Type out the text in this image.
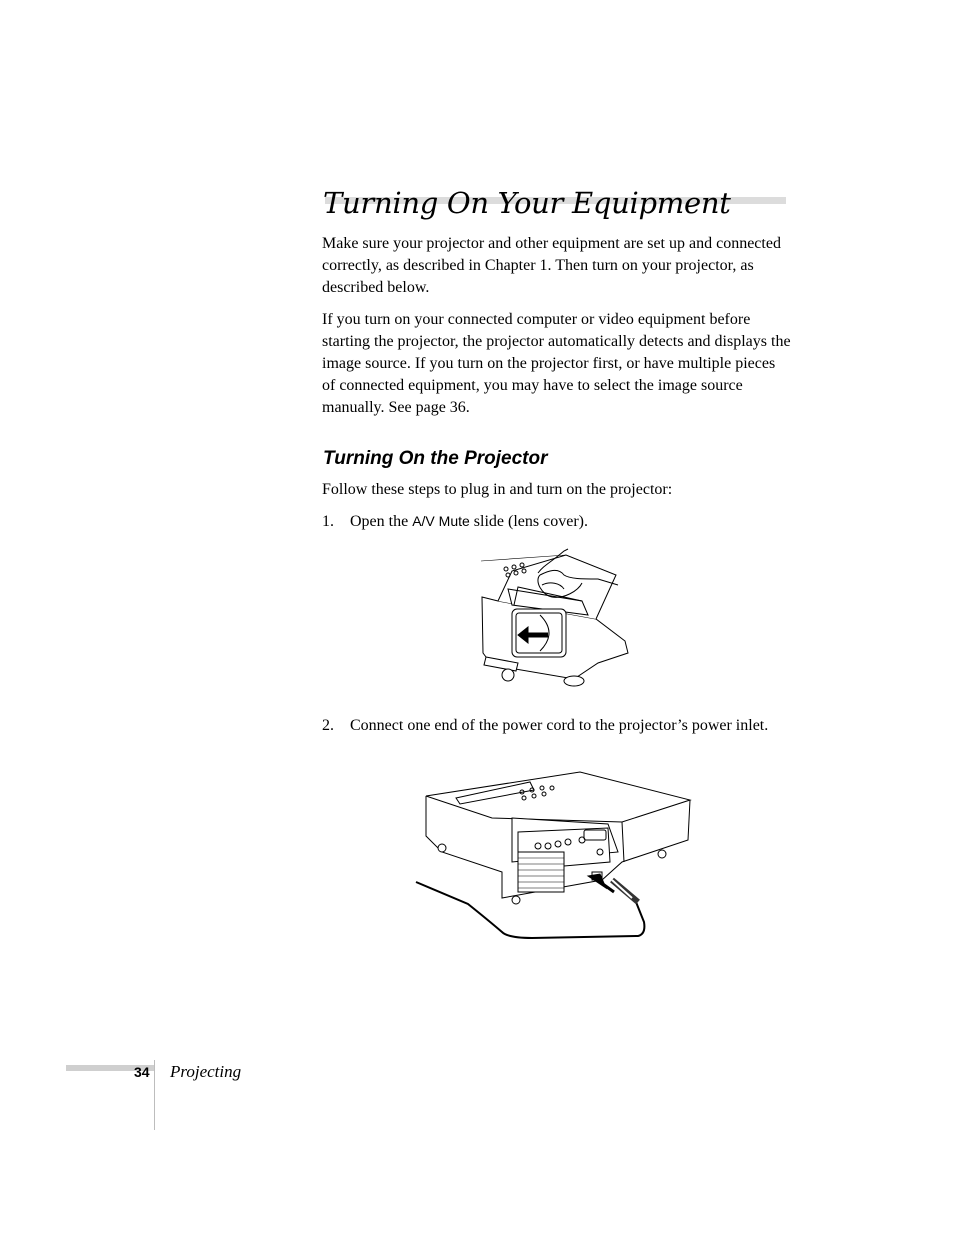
Turning On Your Equipment

Make sure your projector and other equipment are set up and connected correctly, as described in Chapter 1. Then turn on your projector, as described below.

If you turn on your connected computer or video equipment before starting the projector, the projector automatically detects and displays the image source. If you turn on the projector first, or have multiple pieces of connected equipment, you may have to select the image source manually. See page 36.

Turning On the Projector

Follow these steps to plug in and turn on the projector:

1. Open the A/V Mute slide (lens cover).

2. Connect one end of the power cord to the projector’s power inlet.

34 Projecting
